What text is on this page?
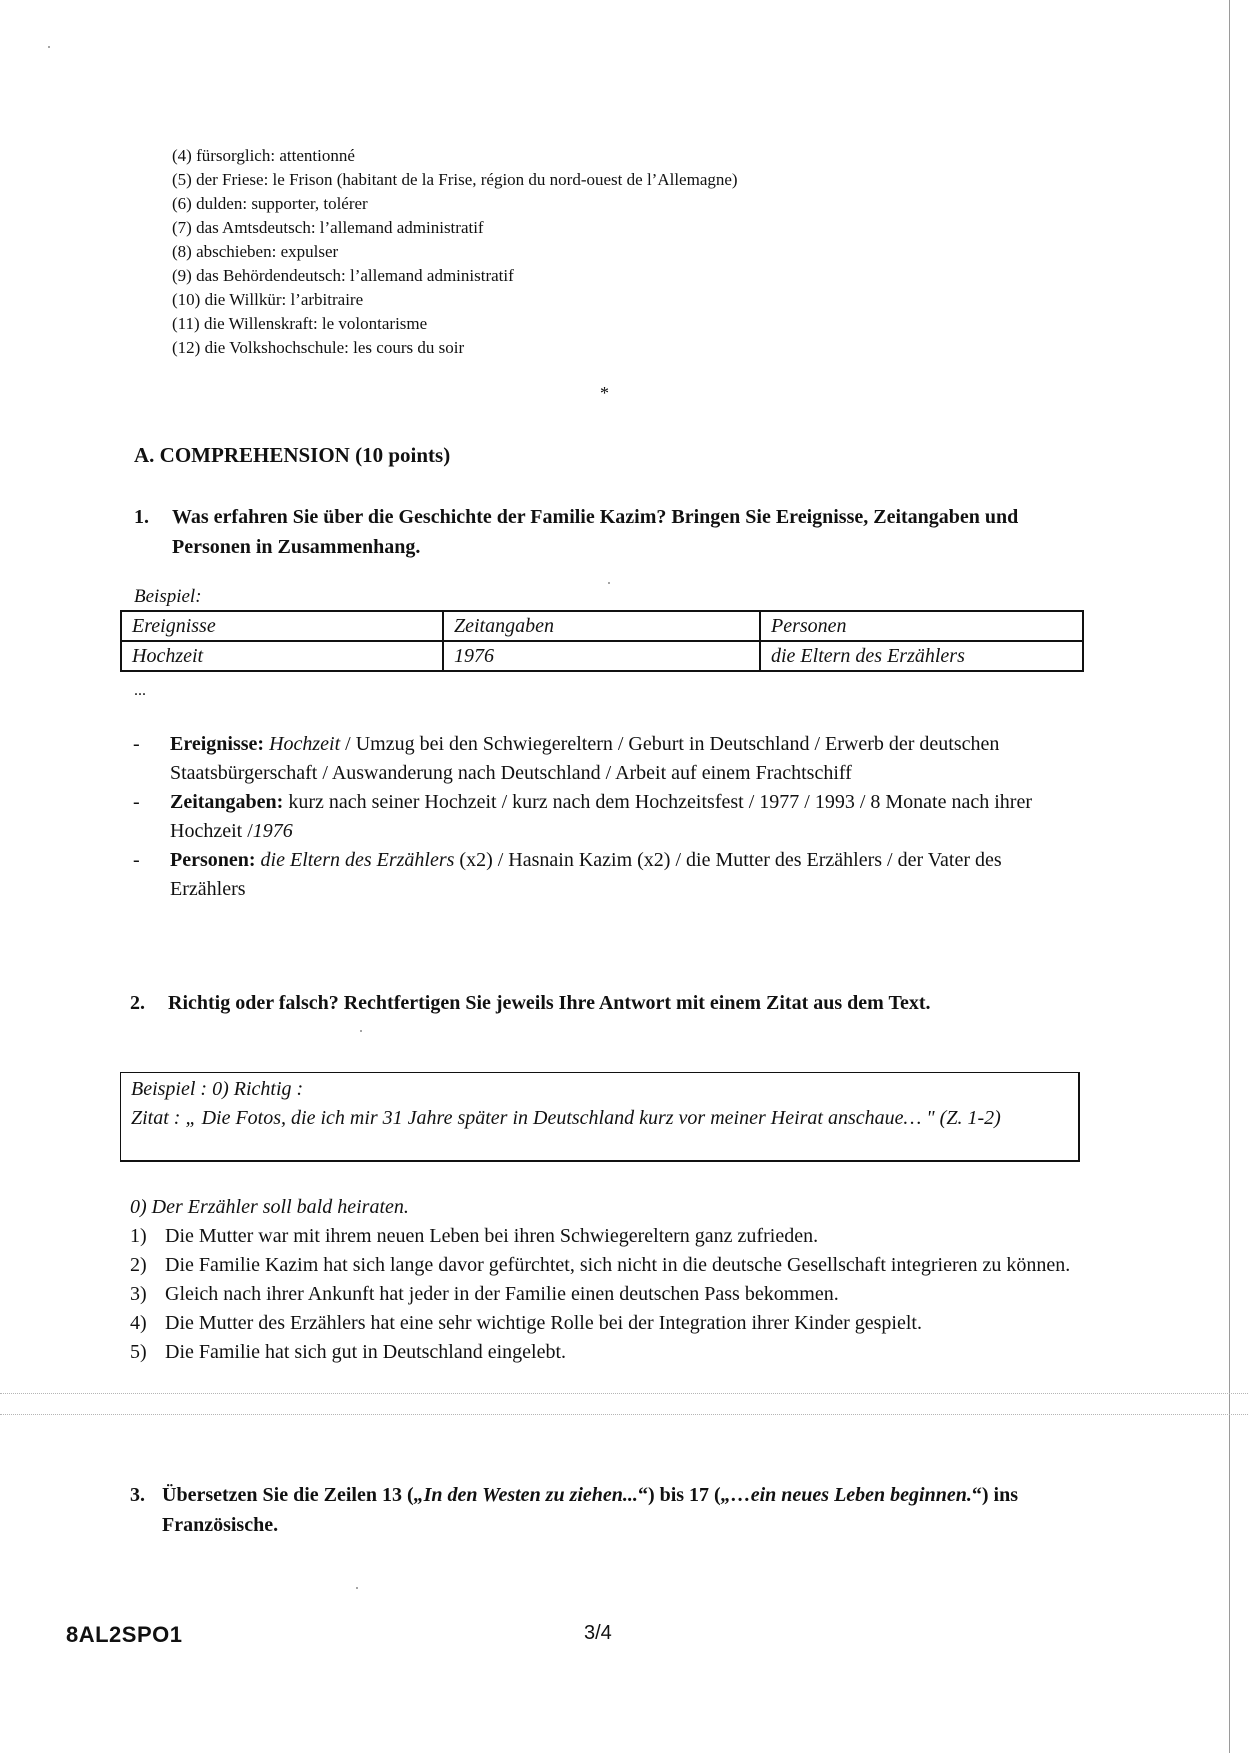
(4) fürsorglich: attentionné
(5) der Friese: le Frison (habitant de la Frise, région du nord-ouest de l’Allemagne)
(6) dulden: supporter, tolérer
(7) das Amtsdeutsch: l’allemand administratif
(8) abschieben: expulser
(9) das Behördendeutsch: l’allemand administratif
(10) die Willkür: l’arbitraire
(11) die Willenskraft: le volontarisme
(12) die Volkshochschule: les cours du soir
*
A. COMPREHENSION (10 points)
1.	Was erfahren Sie über die Geschichte der Familie Kazim? Bringen Sie Ereignisse, Zeitangaben und Personen in Zusammenhang.
Beispiel:
Ereignisse	Zeitangaben	Personen
Hochzeit	1976	die Eltern des Erzählers
...
- Ereignisse: Hochzeit / Umzug bei den Schwiegereltern / Geburt in Deutschland / Erwerb der deutschen Staatsbürgerschaft / Auswanderung nach Deutschland / Arbeit auf einem Frachtschiff
- Zeitangaben: kurz nach seiner Hochzeit / kurz nach dem Hochzeitsfest / 1977 / 1993 / 8 Monate nach ihrer Hochzeit /1976
- Personen: die Eltern des Erzählers (x2) / Hasnain Kazim (x2) / die Mutter des Erzählers / der Vater des Erzählers
2.	Richtig oder falsch? Rechtfertigen Sie jeweils Ihre Antwort mit einem Zitat aus dem Text.
Beispiel : 0) Richtig :
Zitat : „ Die Fotos, die ich mir 31 Jahre später in Deutschland kurz vor meiner Heirat anschaue… " (Z. 1-2)
0) Der Erzähler soll bald heiraten.
1) Die Mutter war mit ihrem neuen Leben bei ihren Schwiegereltern ganz zufrieden.
2) Die Familie Kazim hat sich lange davor gefürchtet, sich nicht in die deutsche Gesellschaft integrieren zu können.
3) Gleich nach ihrer Ankunft hat jeder in der Familie einen deutschen Pass bekommen.
4) Die Mutter des Erzählers hat eine sehr wichtige Rolle bei der Integration ihrer Kinder gespielt.
5) Die Familie hat sich gut in Deutschland eingelebt.
3. Übersetzen Sie die Zeilen 13 („In den Westen zu ziehen...“) bis 17 („…ein neues Leben beginnen.“) ins Französische.
8AL2SPO1	3/4
